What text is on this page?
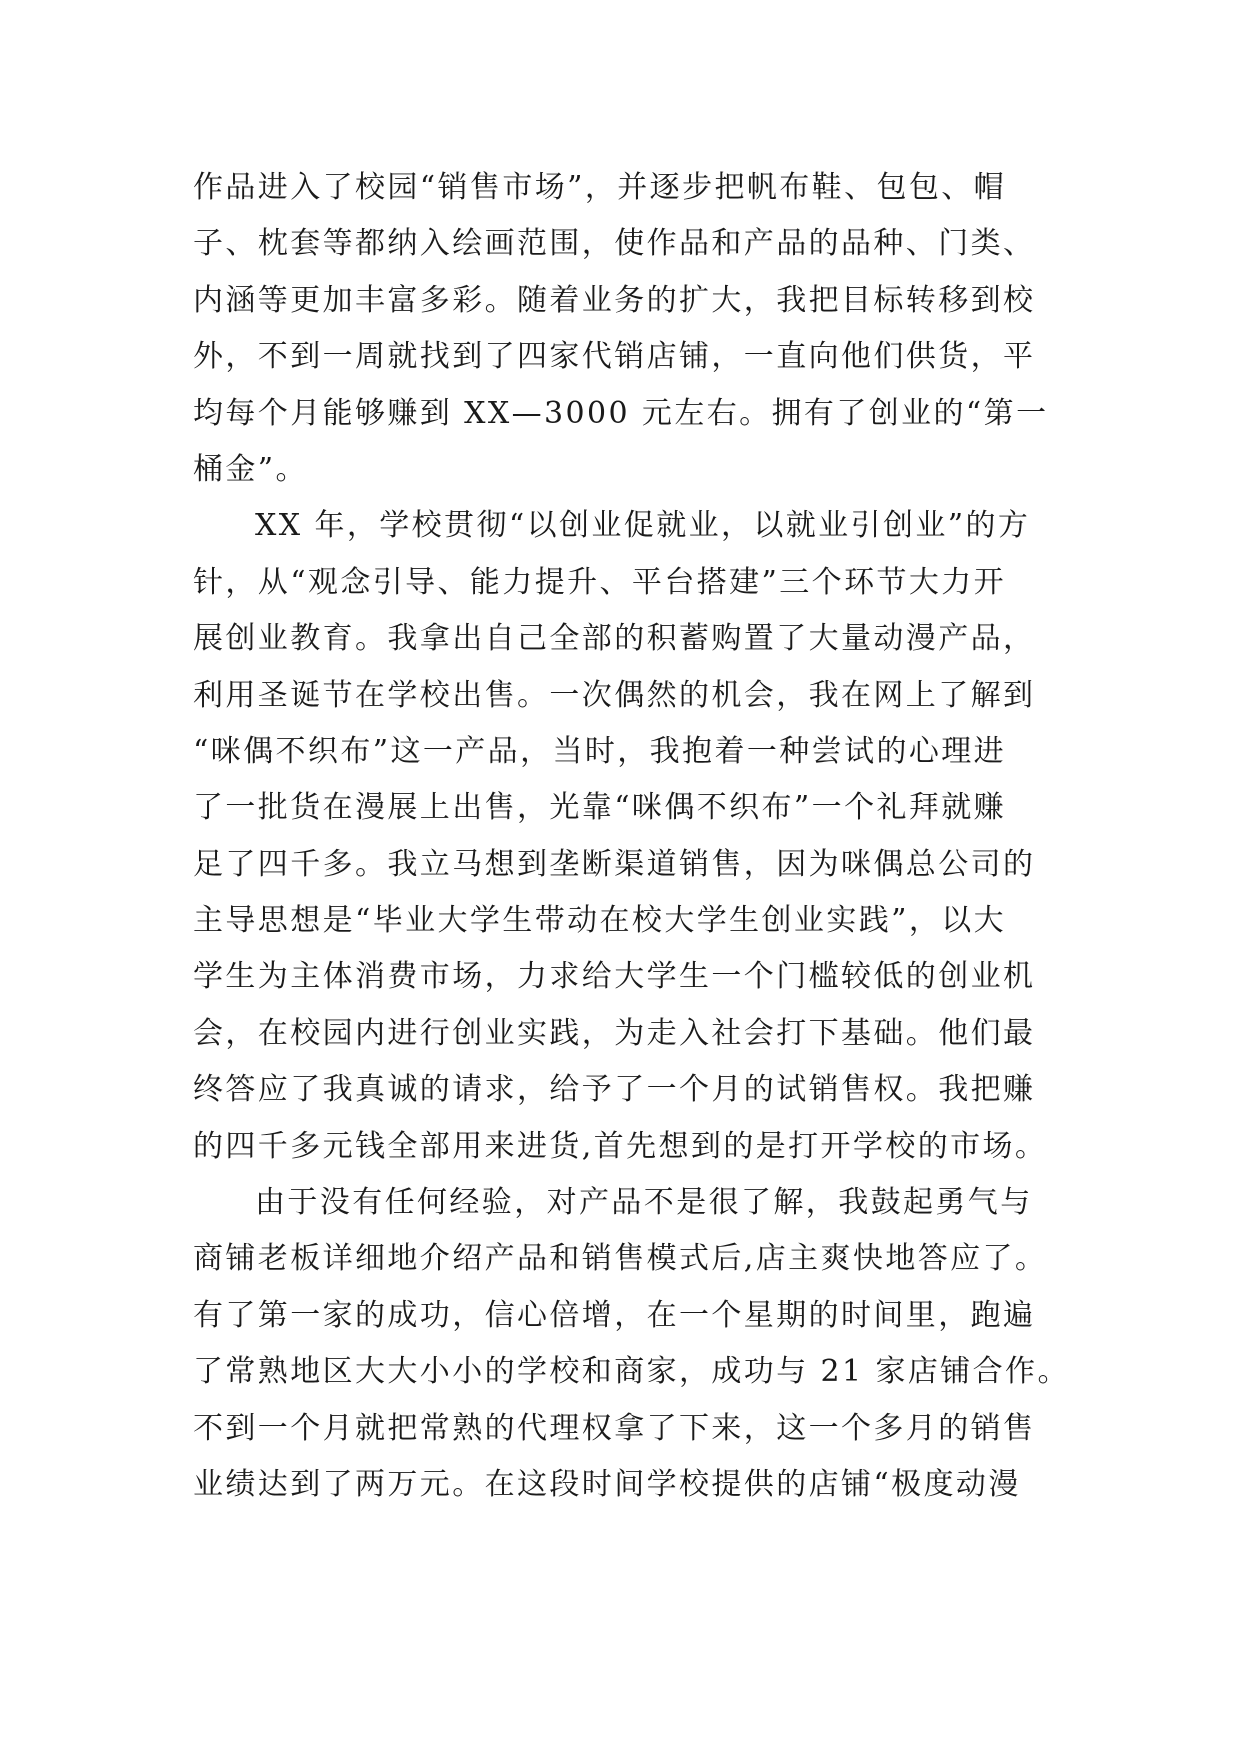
作品进入了校园“销售市场”，并逐步把帆布鞋、包包、帽
子、枕套等都纳入绘画范围，使作品和产品的品种、门类、
内涵等更加丰富多彩。随着业务的扩大，我把目标转移到校
外，不到一周就找到了四家代销店铺，一直向他们供货，平
均每个月能够赚到 XX—3000 元左右。拥有了创业的“第一
桶金”。
XX 年，学校贯彻“以创业促就业，以就业引创业”的方
针，从“观念引导、能力提升、平台搭建”三个环节大力开
展创业教育。我拿出自己全部的积蓄购置了大量动漫产品，
利用圣诞节在学校出售。一次偶然的机会，我在网上了解到
“咪偶不织布”这一产品，当时，我抱着一种尝试的心理进
了一批货在漫展上出售，光靠“咪偶不织布”一个礼拜就赚
足了四千多。我立马想到垄断渠道销售，因为咪偶总公司的
主导思想是“毕业大学生带动在校大学生创业实践”，以大
学生为主体消费市场，力求给大学生一个门槛较低的创业机
会，在校园内进行创业实践，为走入社会打下基础。他们最
终答应了我真诚的请求，给予了一个月的试销售权。我把赚
的四千多元钱全部用来进货,首先想到的是打开学校的市场。
由于没有任何经验，对产品不是很了解，我鼓起勇气与
商铺老板详细地介绍产品和销售模式后,店主爽快地答应了。
有了第一家的成功，信心倍增，在一个星期的时间里，跑遍
了常熟地区大大小小的学校和商家，成功与 21 家店铺合作。
不到一个月就把常熟的代理权拿了下来，这一个多月的销售
业绩达到了两万元。在这段时间学校提供的店铺“极度动漫
